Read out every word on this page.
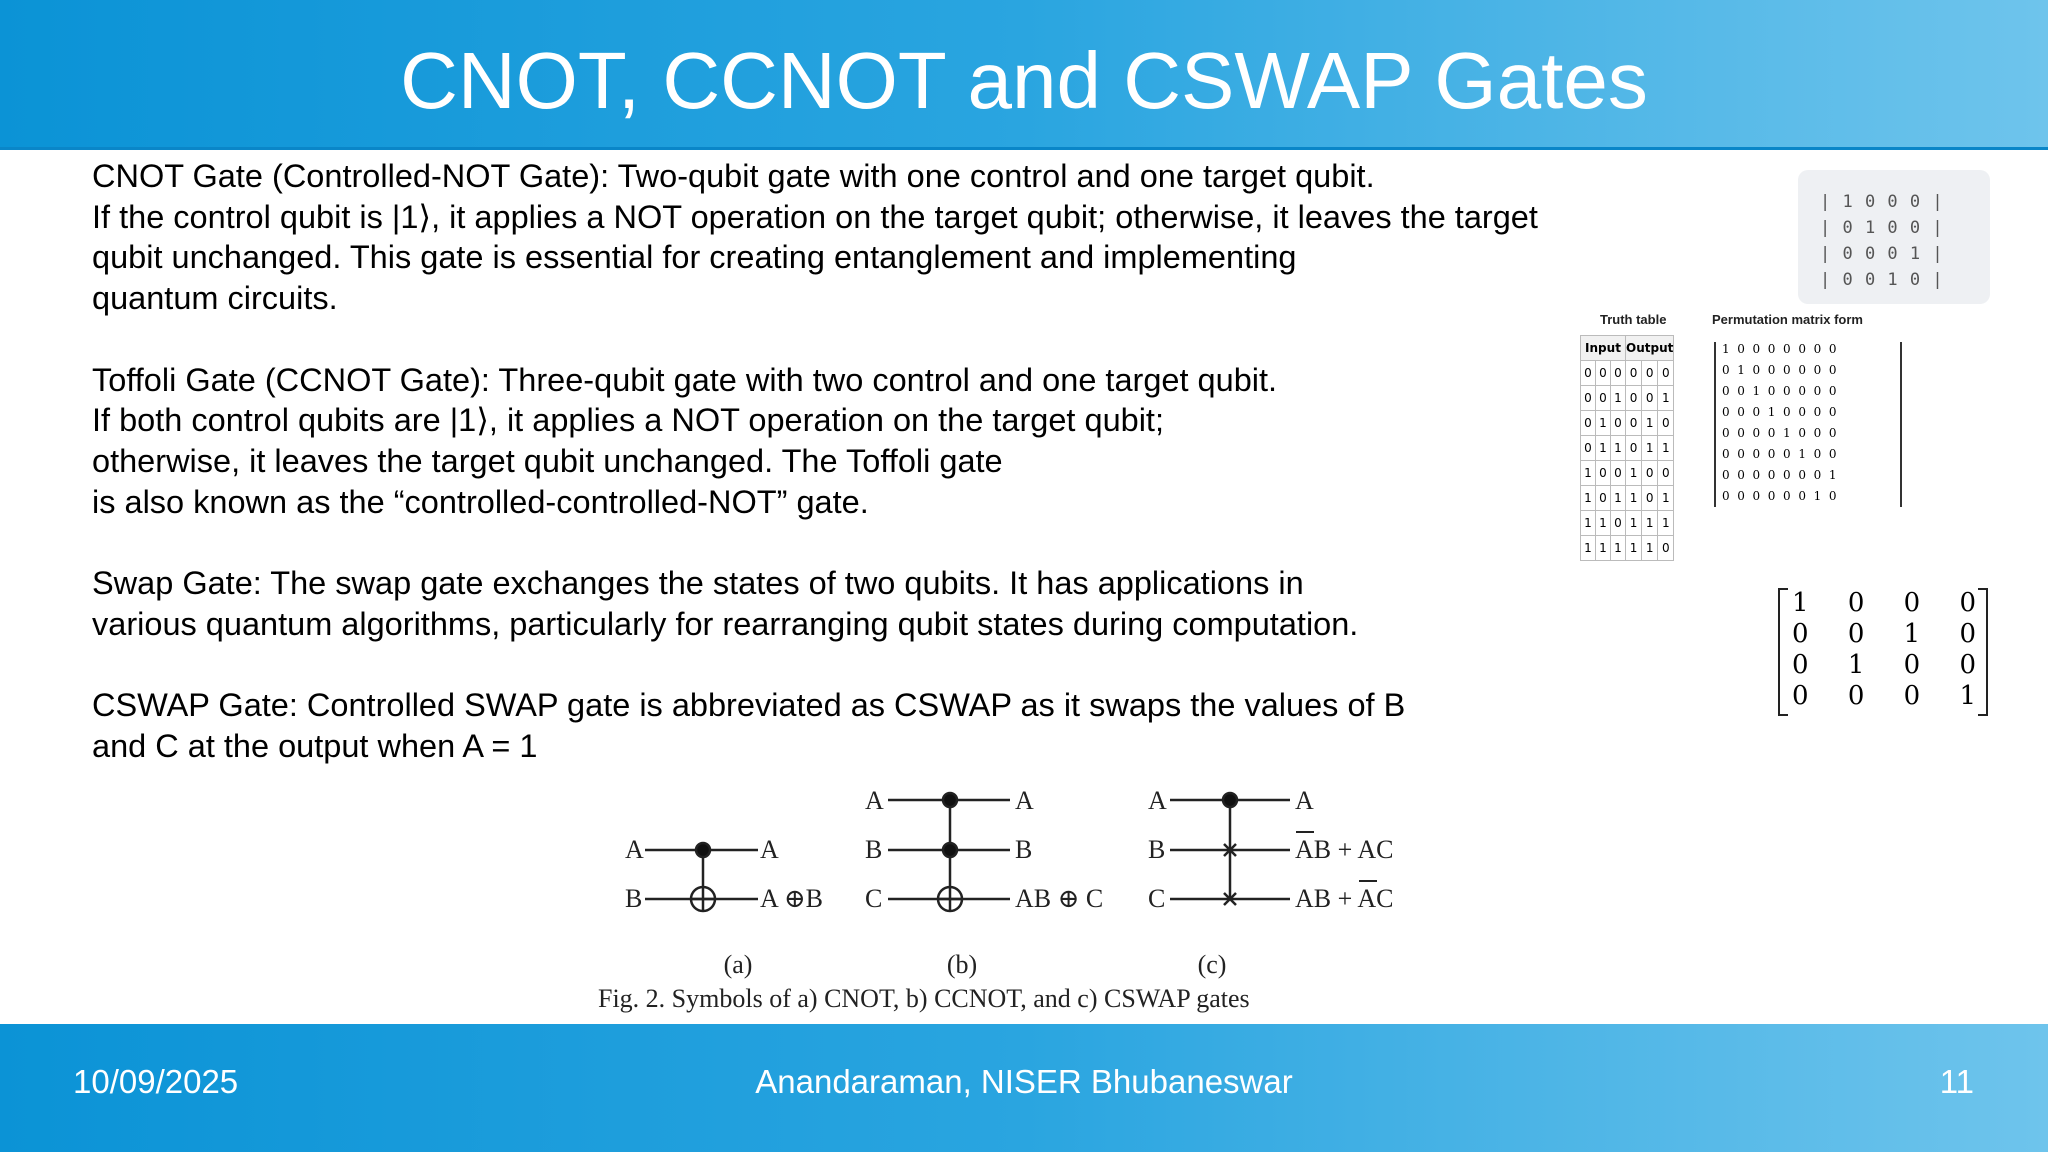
CNOT, CCNOT and CSWAP Gates

CNOT Gate (Controlled-NOT Gate): Two-qubit gate with one control and one target qubit.

If the control qubit is |1⟩, it applies a NOT operation on the target qubit; otherwise, it leaves the target

qubit unchanged. This gate is essential for creating entanglement and implementing

quantum circuits.

Toffoli Gate (CCNOT Gate): Three-qubit gate with two control and one target qubit.

If both control qubits are |1⟩, it applies a NOT operation on the target qubit;

otherwise, it leaves the target qubit unchanged. The Toffoli gate

is also known as the “controlled-controlled-NOT” gate.

Swap Gate: The swap gate exchanges the states of two qubits. It has applications in

various quantum algorithms, particularly for rearranging qubit states during computation.

CSWAP Gate: Controlled SWAP gate is abbreviated as CSWAP as it swaps the values of B

and C at the output when A = 1

| 1 0 0 0 |
| 0 1 0 0 |
| 0 0 0 1 |
| 0 0 1 0 |
Truth table	Permutation matrix form
Input			Output		
0	0	0	0	0	0
0	0	1	0	0	1
0	1	0	0	1	0
0	1	1	0	1	1
1	0	0	1	0	0
1	0	1	1	0	1
1	1	0	1	1	1
1	1	1	1	1	0
1  0  0  0  0  0  0  0
0  1  0  0  0  0  0  0
0  0  1  0  0  0  0  0
0  0  0  1  0  0  0  0
0  0  0  0  1  0  0  0
0  0  0  0  0  1  0  0
0  0  0  0  0  0  0  1
0  0  0  0  0  0  1  0
1 0 0 0
0 0 1 0
0 1 0 0
0 0 0 1
A
B
A
A ⊕B
A
B
C
A
B
AB ⊕ C
A
B
C
A
AB + AC
AB + AC
(a)	(b)	(c)
Fig. 2. Symbols of a) CNOT, b) CCNOT, and c) CSWAP gates
10/09/2025	Anandaraman, NISER Bhubaneswar	11
